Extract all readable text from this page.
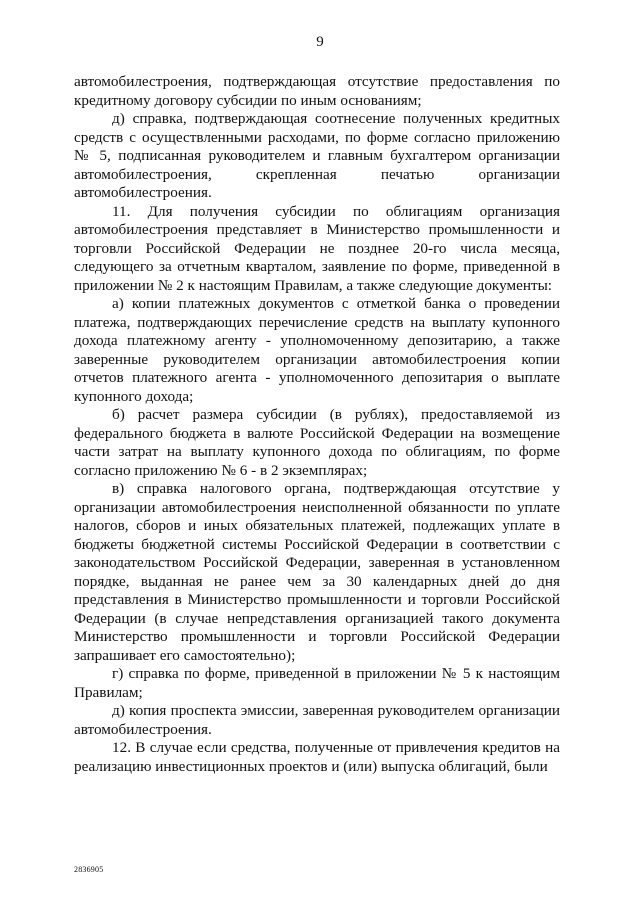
9

автомобилестроения, подтверждающая отсутствие предоставления по кредитному договору субсидии по иным основаниям;

д) справка, подтверждающая соотнесение полученных кредитных средств с осуществленными расходами, по форме согласно приложению № 5, подписанная руководителем и главным бухгалтером организации автомобилестроения, скрепленная печатью организации автомобилестроения.

11. Для получения субсидии по облигациям организация автомобилестроения представляет в Министерство промышленности и торговли Российской Федерации не позднее 20-го числа месяца, следующего за отчетным кварталом, заявление по форме, приведенной в приложении № 2 к настоящим Правилам, а также следующие документы:

а) копии платежных документов с отметкой банка о проведении платежа, подтверждающих перечисление средств на выплату купонного дохода платежному агенту - уполномоченному депозитарию, а также заверенные руководителем организации автомобилестроения копии отчетов платежного агента - уполномоченного депозитария о выплате купонного дохода;

б) расчет размера субсидии (в рублях), предоставляемой из федерального бюджета в валюте Российской Федерации на возмещение части затрат на выплату купонного дохода по облигациям, по форме согласно приложению № 6 - в 2 экземплярах;

в) справка налогового органа, подтверждающая отсутствие у организации автомобилестроения неисполненной обязанности по уплате налогов, сборов и иных обязательных платежей, подлежащих уплате в бюджеты бюджетной системы Российской Федерации в соответствии с законодательством Российской Федерации, заверенная в установленном порядке, выданная не ранее чем за 30 календарных дней до дня представления в Министерство промышленности и торговли Российской Федерации (в случае непредставления организацией такого документа Министерство промышленности и торговли Российской Федерации запрашивает его самостоятельно);

г) справка по форме, приведенной в приложении № 5 к настоящим Правилам;

д) копия проспекта эмиссии, заверенная руководителем организации автомобилестроения.

12. В случае если средства, полученные от привлечения кредитов на реализацию инвестиционных проектов и (или) выпуска облигаций, были

2836905
